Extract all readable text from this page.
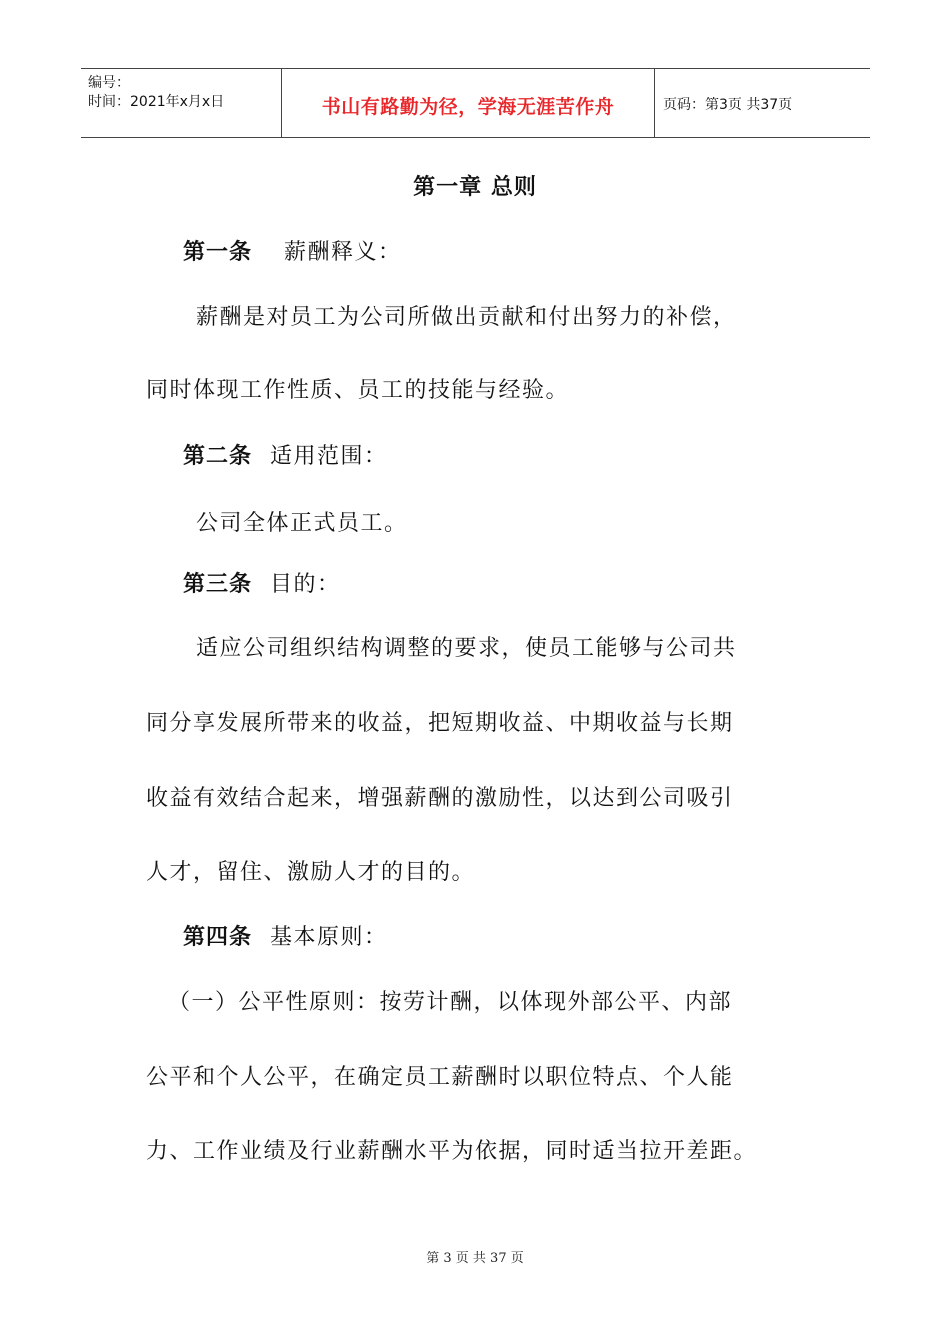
编号：
时间：2021年x月x日	书山有路勤为径，学海无涯苦作舟	页码：第3页 共37页
第一章 总则
第一条 薪酬释义：
薪酬是对员工为公司所做出贡献和付出努力的补偿，
同时体现工作性质、员工的技能与经验。
第二条 适用范围：
公司全体正式员工。
第三条 目的：
适应公司组织结构调整的要求，使员工能够与公司共
同分享发展所带来的收益，把短期收益、中期收益与长期
收益有效结合起来，增强薪酬的激励性，以达到公司吸引
人才，留住、激励人才的目的。
第四条 基本原则：
（一）公平性原则：按劳计酬，以体现外部公平、内部
公平和个人公平，在确定员工薪酬时以职位特点、个人能
力、工作业绩及行业薪酬水平为依据，同时适当拉开差距。
第 3 页 共 37 页
